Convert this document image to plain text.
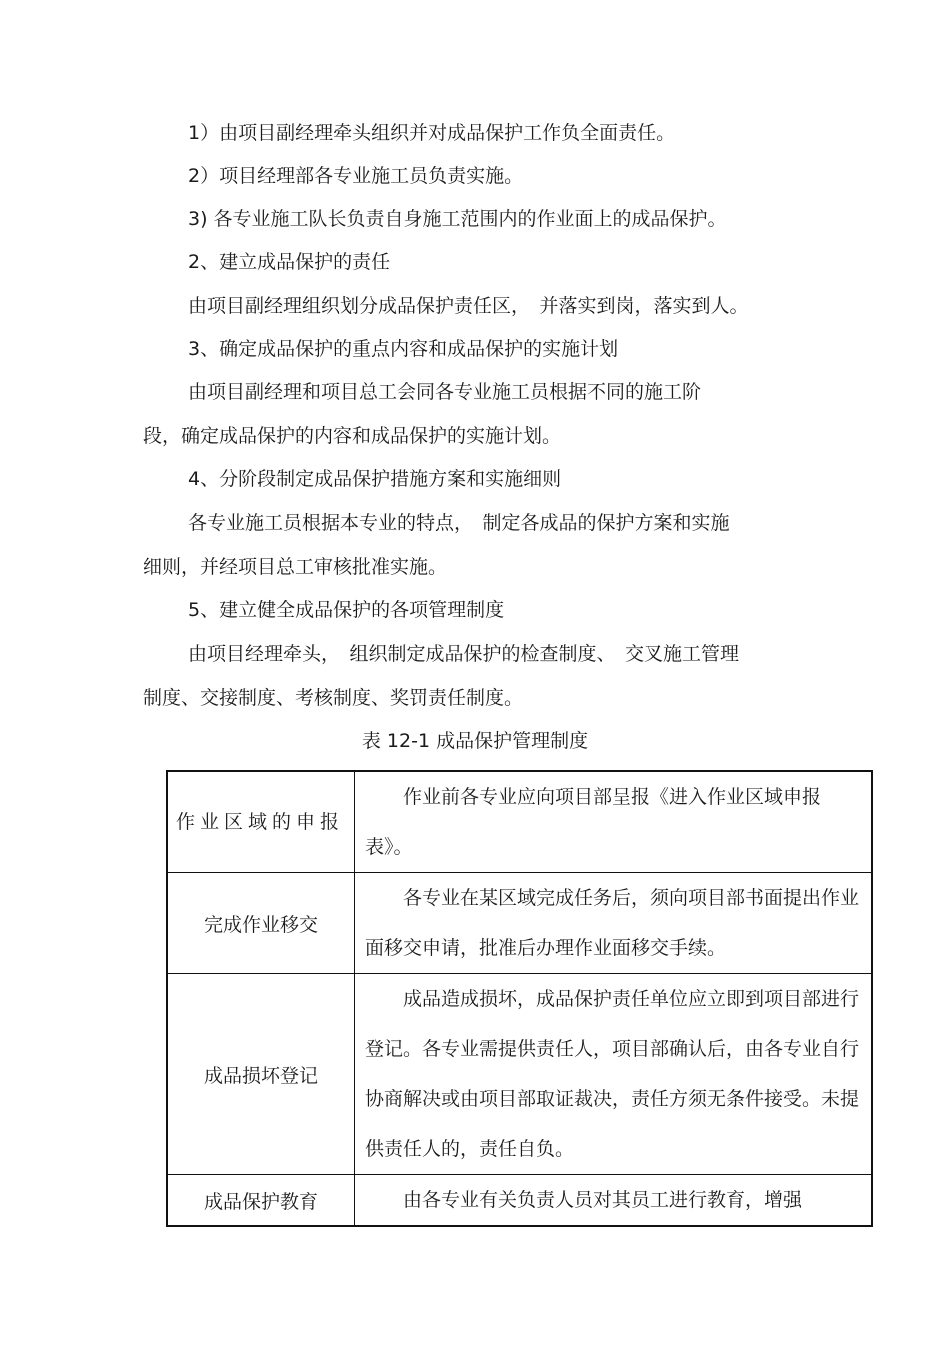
1）由项目副经理牵头组织并对成品保护工作负全面责任。
2）项目经理部各专业施工员负责实施。
3) 各专业施工队长负责自身施工范围内的作业面上的成品保护。
2、建立成品保护的责任
由项目副经理组织划分成品保护责任区，　并落实到岗，落实到人。
3、确定成品保护的重点内容和成品保护的实施计划
由项目副经理和项目总工会同各专业施工员根据不同的施工阶
段，确定成品保护的内容和成品保护的实施计划。
4、分阶段制定成品保护措施方案和实施细则
各专业施工员根据本专业的特点，　制定各成品的保护方案和实施
细则，并经项目总工审核批准实施。
5、建立健全成品保护的各项管理制度
由项目经理牵头，　组织制定成品保护的检查制度、　交叉施工管理
制度、交接制度、考核制度、奖罚责任制度。
表 12-1 成品保护管理制度
作业区域的申报	作业前各专业应向项目部呈报《进入作业区域申报表》。
完成作业移交	各专业在某区域完成任务后，须向项目部书面提出作业面移交申请，批准后办理作业面移交手续。
成品损坏登记	成品造成损坏，成品保护责任单位应立即到项目部进行登记。各专业需提供责任人，项目部确认后，由各专业自行协商解决或由项目部取证裁决，责任方须无条件接受。未提供责任人的，责任自负。
成品保护教育	由各专业有关负责人员对其员工进行教育，增强
